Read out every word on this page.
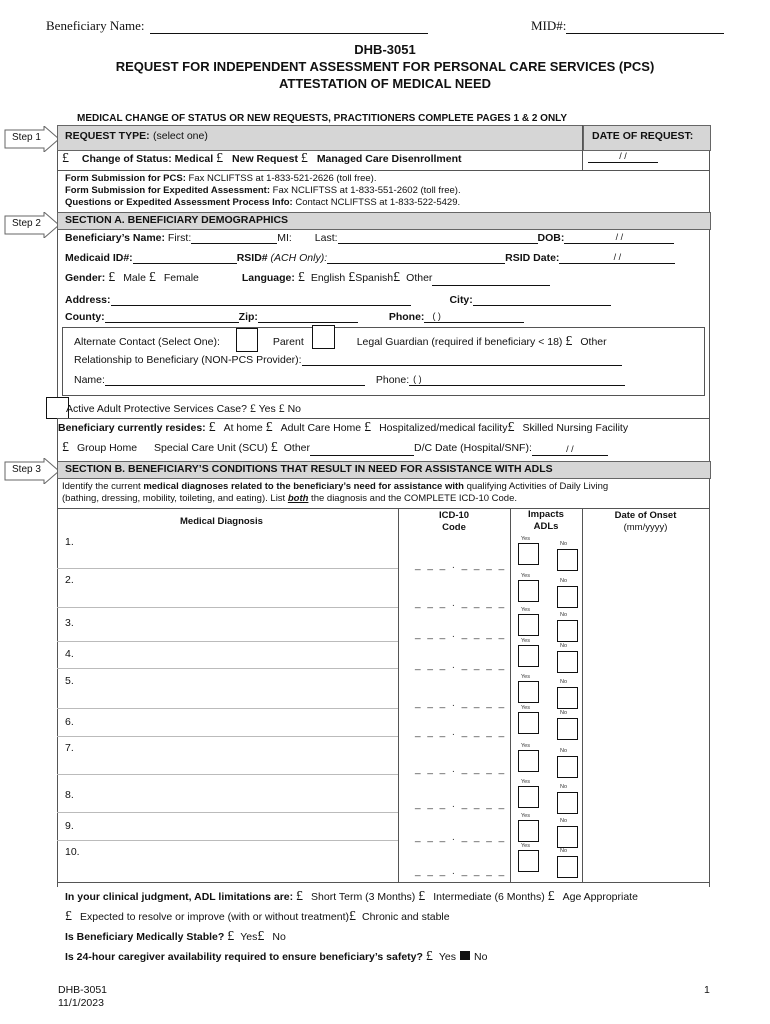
Beneficiary Name:	MID#:
DHB-3051
REQUEST FOR INDEPENDENT ASSESSMENT FOR PERSONAL CARE SERVICES (PCS)
ATTESTATION OF MEDICAL NEED
MEDICAL CHANGE OF STATUS OR NEW REQUESTS, PRACTITIONERS COMPLETE PAGES 1 & 2 ONLY
Step 1
Step 2
Step 3
REQUEST TYPE: (select one)	DATE OF REQUEST:
£ Change of Status: Medical £ New Request £ Managed Care Disenrollment	/ /
Form Submission for PCS: Fax NCLIFTSS at 1-833-521-2626 (toll free).
Form Submission for Expedited Assessment: Fax NCLIFTSS at 1-833-551-2602 (toll free).
Questions or Expedited Assessment Process Info: Contact NCLIFTSS at 1-833-522-5429.
SECTION A. BENEFICIARY DEMOGRAPHICS
Beneficiary’s Name: First:	MI: Last:	DOB:	/ /
Medicaid ID#:	RSID# (ACH Only):	RSID Date:	/ /
Gender: £ Male £ Female	Language: £ English £Spanish£ Other
Address:	City:
County:	Zip:	Phone: ( )
Alternate Contact (Select One):	Parent	Legal Guardian (required if beneficiary < 18) £ Other
Relationship to Beneficiary (NON-PCS Provider):
Name:	Phone: ( )
Active Adult Protective Services Case? £ Yes £ No
Beneficiary currently resides: £ At home £ Adult Care Home £ Hospitalized/medical facility£ Skilled Nursing Facility
£ Group Home Special Care Unit (SCU) £ Other	D/C Date (Hospital/SNF):	/ /
SECTION B. BENEFICIARY’S CONDITIONS THAT RESULT IN NEED FOR ASSISTANCE WITH ADLS
Identify the current medical diagnoses related to the beneficiary’s need for assistance with qualifying Activities of Daily Living
(bathing, dressing, mobility, toileting, and eating). List both the diagnosis and the COMPLETE ICD-10 Code.
Medical Diagnosis
ICD-10
Code
Impacts
ADLs
Date of Onset
(mm/yyyy)
1.
_ _ _ . _ _ _ _
Yes
No
2.
_ _ _ . _ _ _ _
Yes
No
3.
_ _ _ . _ _ _ _
Yes
No
4.
_ _ _ . _ _ _ _
Yes
No
5.
_ _ _ . _ _ _ _
Yes
No
6.
_ _ _ . _ _ _ _
Yes
No
7.
_ _ _ . _ _ _ _
Yes
No
8.
_ _ _ . _ _ _ _
Yes
No
9.
_ _ _ . _ _ _ _
Yes
No
10.
_ _ _ . _ _ _ _
Yes
No
In your clinical judgment, ADL limitations are: £ Short Term (3 Months) £ Intermediate (6 Months) £ Age Appropriate
£ Expected to resolve or improve (with or without treatment)£ Chronic and stable
Is Beneficiary Medically Stable? £ Yes£ No
Is 24-hour caregiver availability required to ensure beneficiary’s safety? £ Yes No
DHB-3051
11/1/2023
1
